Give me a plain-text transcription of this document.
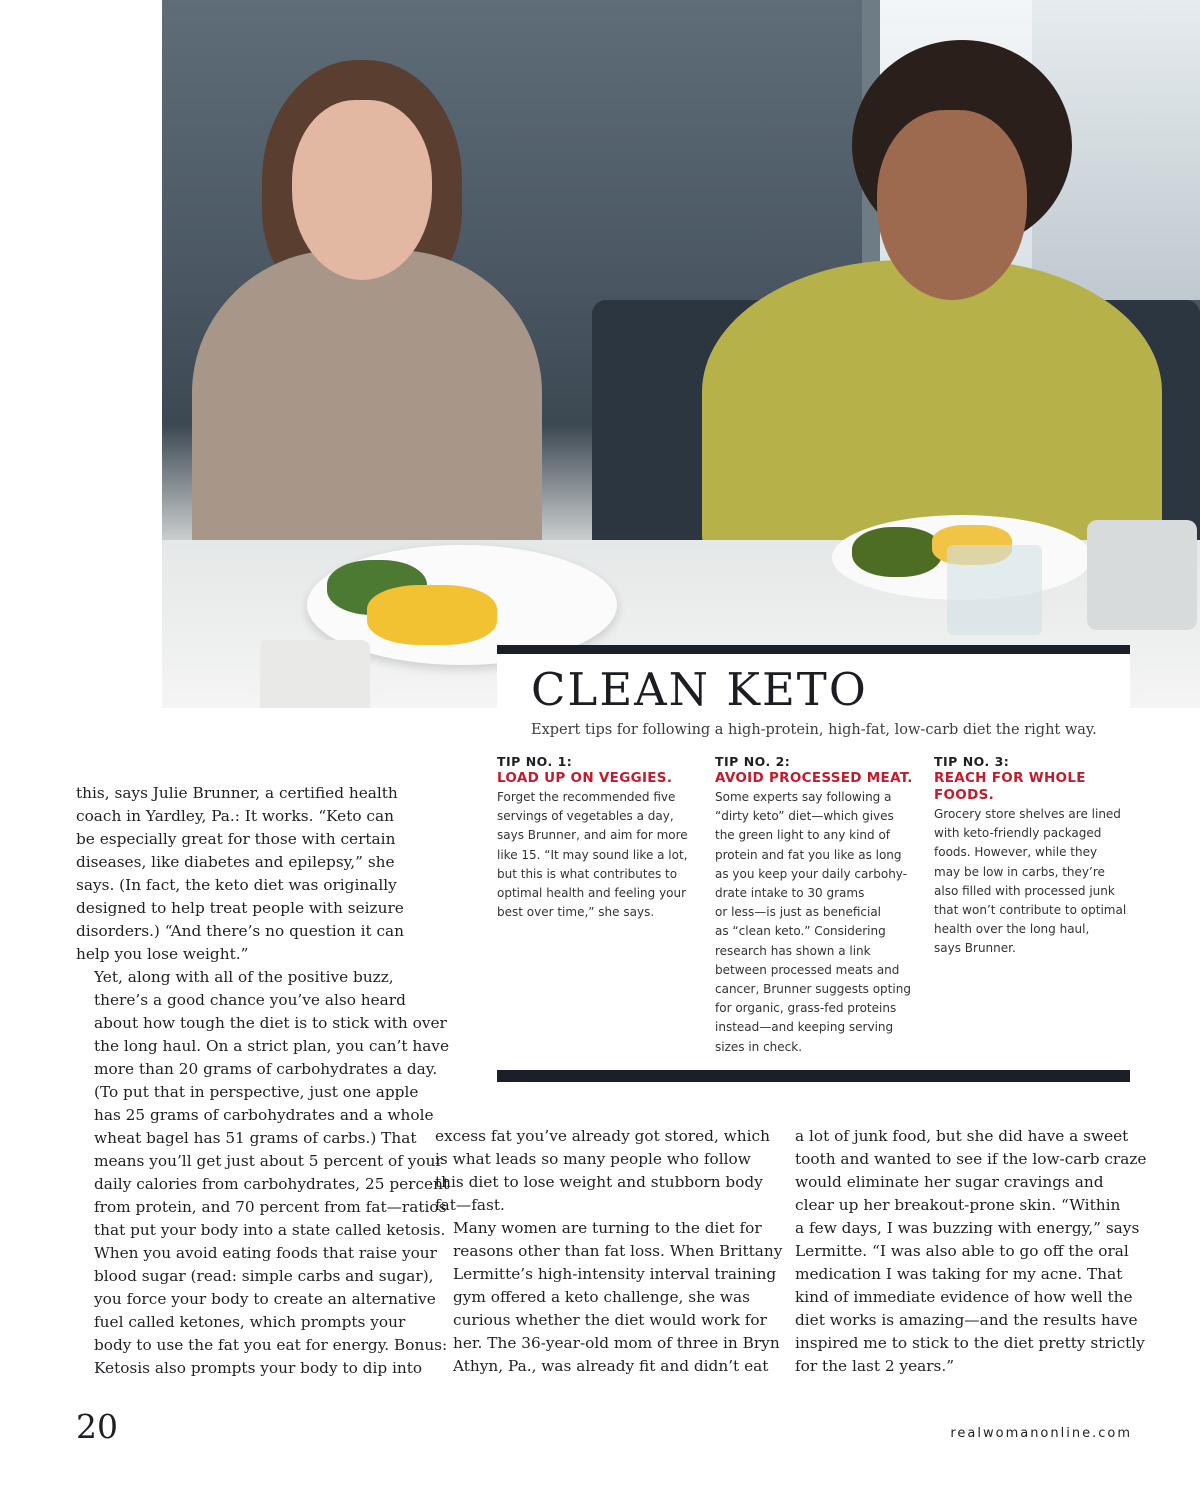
CLEAN KETO
Expert tips for following a high-protein, high-fat, low-carb diet the right way.
TIP NO. 1:
LOAD UP ON VEGGIES.
Forget the recommended five
servings of vegetables a day,
says Brunner, and aim for more
like 15. “It may sound like a lot,
but this is what contributes to
optimal health and feeling your
best over time,” she says.
TIP NO. 2:
AVOID PROCESSED MEAT.
Some experts say following a
“dirty keto” diet—which gives
the green light to any kind of
protein and fat you like as long
as you keep your daily carbohy-
drate intake to 30 grams
or less—is just as beneficial
as “clean keto.” Considering
research has shown a link
between processed meats and
cancer, Brunner suggests opting
for organic, grass-fed proteins
instead—and keeping serving
sizes in check.
TIP NO. 3:
REACH FOR WHOLE FOODS.
Grocery store shelves are lined
with keto-friendly packaged
foods. However, while they
may be low in carbs, they’re
also filled with processed junk
that won’t contribute to optimal
health over the long haul,
says Brunner.

this, says Julie Brunner, a certified health
coach in Yardley, Pa.: It works. “Keto can
be especially great for those with certain
diseases, like diabetes and epilepsy,” she
says. (In fact, the keto diet was originally
designed to help treat people with seizure
disorders.) “And there’s no question it can
help you lose weight.”

Yet, along with all of the positive buzz,
there’s a good chance you’ve also heard
about how tough the diet is to stick with over
the long haul. On a strict plan, you can’t have
more than 20 grams of carbohydrates a day.
(To put that in perspective, just one apple
has 25 grams of carbohydrates and a whole
wheat bagel has 51 grams of carbs.) That
means you’ll get just about 5 percent of your
daily calories from carbohydrates, 25 percent
from protein, and 70 percent from fat—ratios
that put your body into a state called ketosis.
When you avoid eating foods that raise your
blood sugar (read: simple carbs and sugar),
you force your body to create an alternative
fuel called ketones, which prompts your
body to use the fat you eat for energy. Bonus:
Ketosis also prompts your body to dip into

excess fat you’ve already got stored, which
is what leads so many people who follow
this diet to lose weight and stubborn body
fat—fast.

Many women are turning to the diet for
reasons other than fat loss. When Brittany
Lermitte’s high-intensity interval training
gym offered a keto challenge, she was
curious whether the diet would work for
her. The 36-year-old mom of three in Bryn
Athyn, Pa., was already fit and didn’t eat

a lot of junk food, but she did have a sweet
tooth and wanted to see if the low-carb craze
would eliminate her sugar cravings and
clear up her breakout-prone skin. “Within
a few days, I was buzzing with energy,” says
Lermitte. “I was also able to go off the oral
medication I was taking for my acne. That
kind of immediate evidence of how well the
diet works is amazing—and the results have
inspired me to stick to the diet pretty strictly
for the last 2 years.”

20	realwomanonline.com
